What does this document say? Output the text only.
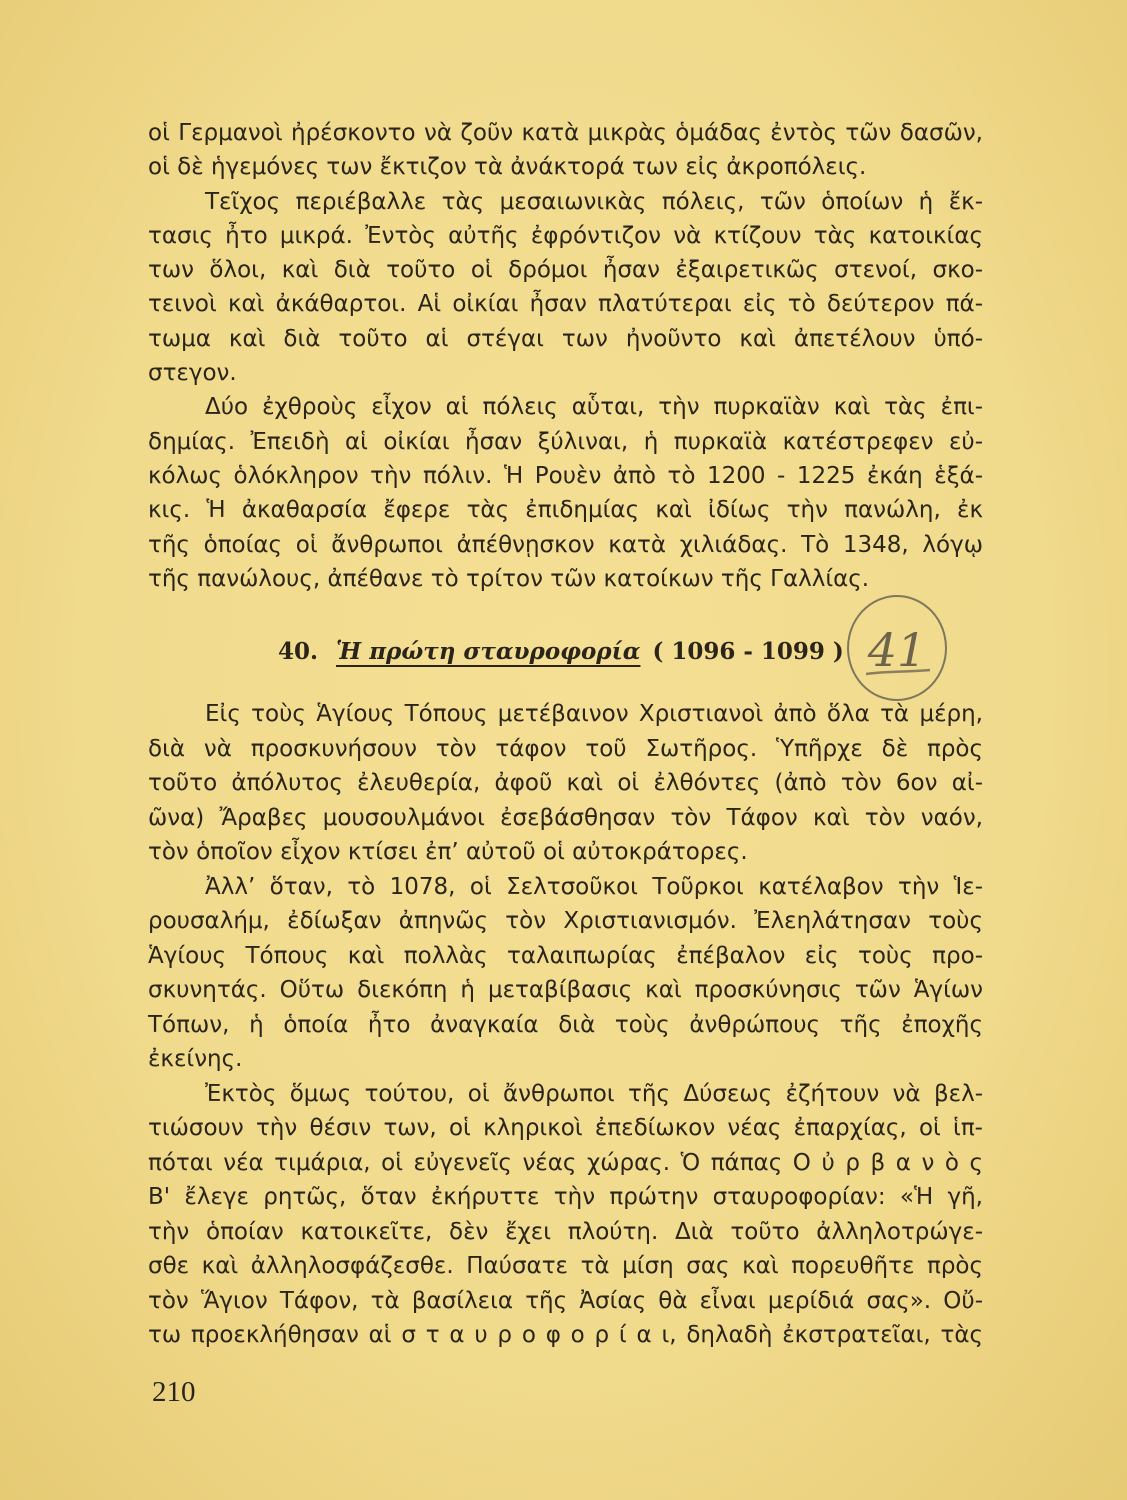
οἱ Γερμανοὶ ἠρέσκοντο νὰ ζοῦν κατὰ μικρὰς ὁμάδας ἐντὸς τῶν δασῶν,
οἱ δὲ ἡγεμόνες των ἔκτιζον τὰ ἀνάκτορά των εἰς ἀκροπόλεις.
Τεῖχος περιέβαλλε τὰς μεσαιωνικὰς πόλεις, τῶν ὁποίων ἡ ἔκ-
τασις ἦτο μικρά. Ἐντὸς αὐτῆς ἐφρόντιζον νὰ κτίζουν τὰς κατοικίας
των ὅλοι, καὶ διὰ τοῦτο οἱ δρόμοι ἦσαν ἐξαιρετικῶς στενοί, σκο-
τεινοὶ καὶ ἀκάθαρτοι. Αἱ οἰκίαι ἦσαν πλατύτεραι εἰς τὸ δεύτερον πά-
τωμα καὶ διὰ τοῦτο αἱ στέγαι των ἠνοῦντο καὶ ἀπετέλουν ὑπό-
στεγον.
Δύο ἐχθροὺς εἶχον αἱ πόλεις αὗται, τὴν πυρκαϊὰν καὶ τὰς ἐπι-
δημίας. Ἐπειδὴ αἱ οἰκίαι ἦσαν ξύλιναι, ἡ πυρκαϊὰ κατέστρεφεν εὐ-
κόλως ὁλόκληρον τὴν πόλιν. Ἡ Ρουὲν ἀπὸ τὸ 1200 - 1225 ἐκάη ἑξά-
κις. Ἡ ἀκαθαρσία ἔφερε τὰς ἐπιδημίας καὶ ἰδίως τὴν πανώλη, ἐκ
τῆς ὁποίας οἱ ἄνθρωποι ἀπέθνῃσκον κατὰ χιλιάδας. Τὸ 1348, λόγῳ
τῆς πανώλους, ἀπέθανε τὸ τρίτον τῶν κατοίκων τῆς Γαλλίας.
40. Ἡ πρώτη σταυροφορία ( 1096 - 1099 ) 41
Εἰς τοὺς Ἁγίους Τόπους μετέβαινον Χριστιανοὶ ἀπὸ ὅλα τὰ μέρη,
διὰ νὰ προσκυνήσουν τὸν τάφον τοῦ Σωτῆρος. Ὑπῆρχε δὲ πρὸς
τοῦτο ἀπόλυτος ἐλευθερία, ἀφοῦ καὶ οἱ ἐλθόντες (ἀπὸ τὸν 6ον αἰ-
ῶνα) Ἄραβες μουσουλμάνοι ἐσεβάσθησαν τὸν Τάφον καὶ τὸν ναόν,
τὸν ὁποῖον εἶχον κτίσει ἐπ’ αὐτοῦ οἱ αὐτοκράτορες.
Ἀλλ’ ὅταν, τὸ 1078, οἱ Σελτσοῦκοι Τοῦρκοι κατέλαβον τὴν Ἱε-
ρουσαλήμ, ἐδίωξαν ἀπηνῶς τὸν Χριστιανισμόν. Ἐλεηλάτησαν τοὺς
Ἁγίους Τόπους καὶ πολλὰς ταλαιπωρίας ἐπέβαλον εἰς τοὺς προ-
σκυνητάς. Οὕτω διεκόπη ἡ μεταβίβασις καὶ προσκύνησις τῶν Ἁγίων
Τόπων, ἡ ὁποία ἦτο ἀναγκαία διὰ τοὺς ἀνθρώπους τῆς ἐποχῆς
ἐκείνης.
Ἐκτὸς ὅμως τούτου, οἱ ἄνθρωποι τῆς Δύσεως ἐζήτουν νὰ βελ-
τιώσουν τὴν θέσιν των, οἱ κληρικοὶ ἐπεδίωκον νέας ἐπαρχίας, οἱ ἱπ-
πόται νέα τιμάρια, οἱ εὐγενεῖς νέας χώρας. Ὁ πάπας Ο ὐ ρ β α ν ὸ ς
Β' ἔλεγε ρητῶς, ὅταν ἐκήρυττε τὴν πρώτην σταυροφορίαν: «Ἡ γῆ,
τὴν ὁποίαν κατοικεῖτε, δὲν ἔχει πλούτη. Διὰ τοῦτο ἀλληλοτρώγε-
σθε καὶ ἀλληλοσφάζεσθε. Παύσατε τὰ μίση σας καὶ πορευθῆτε πρὸς
τὸν Ἅγιον Τάφον, τὰ βασίλεια τῆς Ἀσίας θὰ εἶναι μερίδιά σας». Οὔ-
τω προεκλήθησαν αἱ σ τ α υ ρ ο φ ο ρ ί α ι, δηλαδὴ ἐκστρατεῖαι, τὰς
210
